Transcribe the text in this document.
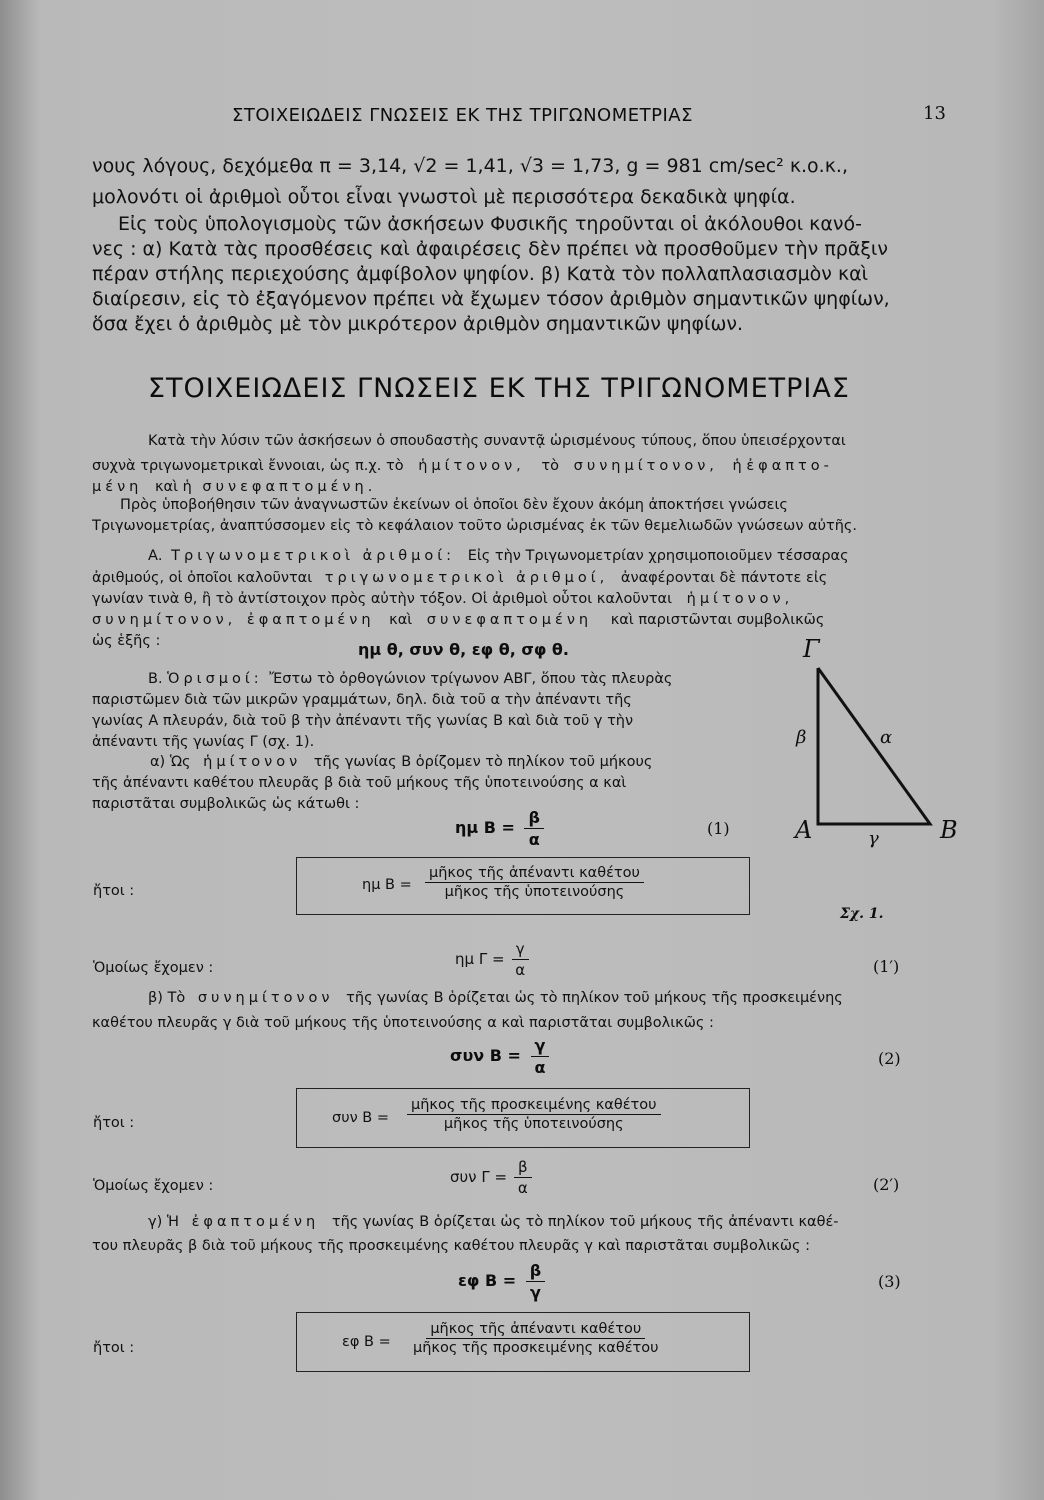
ΣΤΟΙΧΕΙΩΔΕΙΣ ΓΝΩΣΕΙΣ ΕΚ ΤΗΣ ΤΡΙΓΩΝΟΜΕΤΡΙΑΣ	13
νους λόγους, δεχόμεθα π = 3,14, √2 = 1,41, √3 = 1,73, g = 981 cm/sec² κ.ο.κ.,
μολονότι οἱ ἀριθμοὶ οὗτοι εἶναι γνωστοὶ μὲ περισσότερα δεκαδικὰ ψηφία.
Εἰς τοὺς ὑπολογισμοὺς τῶν ἀσκήσεων Φυσικῆς τηροῦνται οἱ ἀκόλουθοι κανό-
νες : α) Κατὰ τὰς προσθέσεις καὶ ἀφαιρέσεις δὲν πρέπει νὰ προσθοῦμεν τὴν πρᾶξιν
πέραν στήλης περιεχούσης ἀμφίβολον ψηφίον. β) Κατὰ τὸν πολλαπλασιασμὸν καὶ
διαίρεσιν, εἰς τὸ ἐξαγόμενον πρέπει νὰ ἔχωμεν τόσον ἀριθμὸν σημαντικῶν ψηφίων,
ὅσα ἔχει ὁ ἀριθμὸς μὲ τὸν μικρότερον ἀριθμὸν σημαντικῶν ψηφίων.
ΣΤΟΙΧΕΙΩΔΕΙΣ ΓΝΩΣΕΙΣ ΕΚ ΤΗΣ ΤΡΙΓΩΝΟΜΕΤΡΙΑΣ
Κατὰ τὴν λύσιν τῶν ἀσκήσεων ὁ σπουδαστὴς συναντᾷ ὡρισμένους τύπους, ὅπου ὑπεισέρχονται
συχνὰ τριγωνομετρικαὶ ἔννοιαι, ὡς π.χ. τὸ ἡμίτονον, τὸ συνημίτονον, ἡ ἐφαπτο-
μένη καὶ ἡ συνεφαπτομένη.
Πρὸς ὑποβοήθησιν τῶν ἀναγνωστῶν ἐκείνων οἱ ὁποῖοι δὲν ἔχουν ἀκόμη ἀποκτήσει γνώσεις
Τριγωνομετρίας, ἀναπτύσσομεν εἰς τὸ κεφάλαιον τοῦτο ὡρισμένας ἐκ τῶν θεμελιωδῶν γνώσεων αὐτῆς.
Α. Τριγωνομετρικοὶ ἀριθμοί: Εἰς τὴν Τριγωνομετρίαν χρησιμοποιοῦμεν τέσσαρας
ἀριθμούς, οἱ ὁποῖοι καλοῦνται τριγωνομετρικοὶ ἀριθμοί, ἀναφέρονται δὲ πάντοτε εἰς
γωνίαν τινὰ θ, ἢ τὸ ἀντίστοιχον πρὸς αὐτὴν τόξον. Οἱ ἀριθμοὶ οὗτοι καλοῦνται ἡμίτονον,
συνημίτονον, ἐφαπτομένη καὶ συνεφαπτομένη καὶ παριστῶνται συμβολικῶς
ὡς ἑξῆς :	ημ θ, συν θ, εφ θ, σφ θ.
Β. Ὁρισμοί: Ἔστω τὸ ὀρθογώνιον τρίγωνον ΑΒΓ, ὅπου τὰς πλευρὰς
παριστῶμεν διὰ τῶν μικρῶν γραμμάτων, δηλ. διὰ τοῦ α τὴν ἀπέναντι τῆς
γωνίας Α πλευράν, διὰ τοῦ β τὴν ἀπέναντι τῆς γωνίας Β καὶ διὰ τοῦ γ τὴν
ἀπέναντι τῆς γωνίας Γ (σχ. 1).
α) Ὡς ἡμίτονον τῆς γωνίας Β ὁρίζομεν τὸ πηλίκον τοῦ μήκους
τῆς ἀπέναντι καθέτου πλευρᾶς β διὰ τοῦ μήκους τῆς ὑποτεινούσης α καὶ
παριστᾶται συμβολικῶς ὡς κάτωθι :
ημ $B = \frac{\beta}{\alpha}$	(1)
ἤτοι :	ημ $B = \frac{\text{μῆκος τῆς ἀπέναντι καθέτου}}{\text{μῆκος τῆς ὑποτεινούσης}}$
Ὁμοίως ἔχομεν :	ημ $\Gamma = \frac{\gamma}{\alpha}$	(1′)
β) Τὸ συνημίτονον τῆς γωνίας Β ὁρίζεται ὡς τὸ πηλίκον τοῦ μήκους τῆς προσκειμένης
καθέτου πλευρᾶς γ διὰ τοῦ μήκους τῆς ὑποτεινούσης α καὶ παριστᾶται συμβολικῶς :
συν $B = \frac{\gamma}{\alpha}$	(2)
ἤτοι :	συν $B = \frac{\text{μῆκος τῆς προσκειμένης καθέτου}}{\text{μῆκος τῆς ὑποτεινούσης}}$
Ὁμοίως ἔχομεν :	συν $\Gamma = \frac{\beta}{\alpha}$	(2′)
γ) Ἡ ἐφαπτομένη τῆς γωνίας Β ὁρίζεται ὡς τὸ πηλίκον τοῦ μήκους τῆς ἀπέναντι καθέ-
του πλευρᾶς β διὰ τοῦ μήκους τῆς προσκειμένης καθέτου πλευρᾶς γ καὶ παριστᾶται συμβολικῶς :
εφ $B = \frac{\beta}{\gamma}$	(3)
ἤτοι :	εφ $B = \frac{\text{μῆκος τῆς ἀπέναντι καθέτου}}{\text{μῆκος τῆς προσκειμένης καθέτου}}$
Γ
Α	Β
β	α
γ
Σχ. 1.
